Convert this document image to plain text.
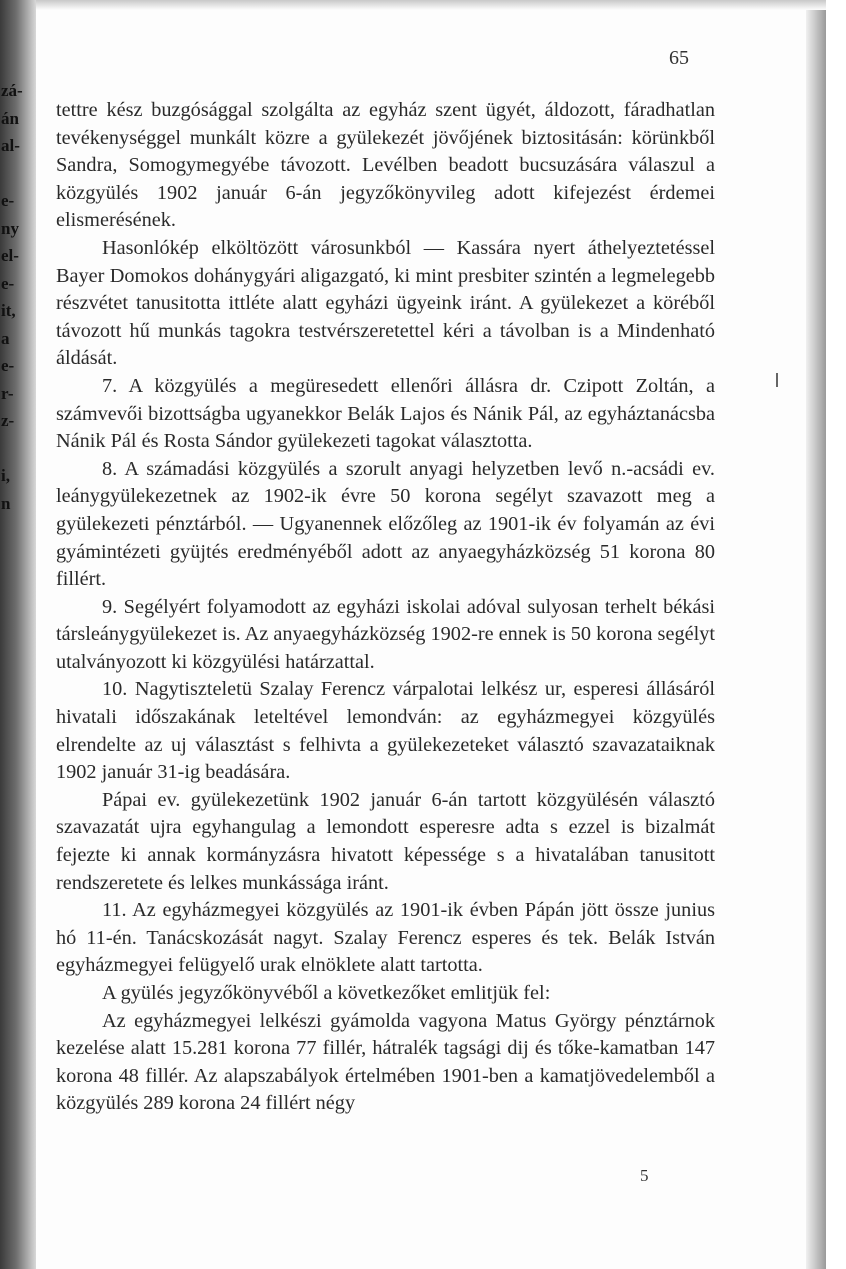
zá-
án
al-
e-
ny
el-
e-
it,
a
e-
r-
z-
i,
n
65

tettre kész buzgósággal szolgálta az egyház szent ügyét, áldozott, fáradhatlan tevékenységgel munkált közre a gyülekezét jövőjének biztositásán: körünkből Sandra, Somogymegyébe távozott. Levélben beadott bucsuzására válaszul a közgyülés 1902 január 6-án jegyzőkönyvileg adott kifejezést érdemei elismerésének.

Hasonlókép elköltözött városunkból — Kassára nyert áthelyeztetéssel Bayer Domokos dohánygyári aligazgató, ki mint presbiter szintén a legmelegebb részvétet tanusitotta ittléte alatt egyházi ügyeink iránt. A gyülekezet a köréből távozott hű munkás tagokra testvérszeretettel kéri a távolban is a Mindenható áldását.

7. A közgyülés a megüresedett ellenőri állásra dr. Czipott Zoltán, a számvevői bizottságba ugyanekkor Belák Lajos és Nánik Pál, az egyháztanácsba Nánik Pál és Rosta Sándor gyülekezeti tagokat választotta.

8. A számadási közgyülés a szorult anyagi helyzetben levő n.-acsádi ev. leánygyülekezetnek az 1902-ik évre 50 korona segélyt szavazott meg a gyülekezeti pénztárból. — Ugyanennek előzőleg az 1901-ik év folyamán az évi gyámintézeti gyüjtés eredményéből adott az anyaegyházközség 51 korona 80 fillért.

9. Segélyért folyamodott az egyházi iskolai adóval sulyosan terhelt békási társleánygyülekezet is. Az anyaegyházközség 1902-re ennek is 50 korona segélyt utalványozott ki közgyülési határzattal.

10. Nagytiszteletü Szalay Ferencz várpalotai lelkész ur, esperesi állásáról hivatali időszakának leteltével lemondván: az egyházmegyei közgyülés elrendelte az uj választást s felhivta a gyülekezeteket választó szavazataiknak 1902 január 31-ig beadására.

Pápai ev. gyülekezetünk 1902 január 6-án tartott közgyülésén választó szavazatát ujra egyhangulag a lemondott esperesre adta s ezzel is bizalmát fejezte ki annak kormányzásra hivatott képessége s a hivatalában tanusitott rendszeretete és lelkes munkássága iránt.

11. Az egyházmegyei közgyülés az 1901-ik évben Pápán jött össze junius hó 11-én. Tanácskozását nagyt. Szalay Ferencz esperes és tek. Belák István egyházmegyei felügyelő urak elnöklete alatt tartotta.

A gyülés jegyzőkönyvéből a következőket emlitjük fel:

Az egyházmegyei lelkészi gyámolda vagyona Matus György pénztárnok kezelése alatt 15.281 korona 77 fillér, hátralék tagsági dij és tőke-kamatban 147 korona 48 fillér. Az alapszabályok értelmében 1901-ben a kamatjövedelemből a közgyülés 289 korona 24 fillért négy

5
